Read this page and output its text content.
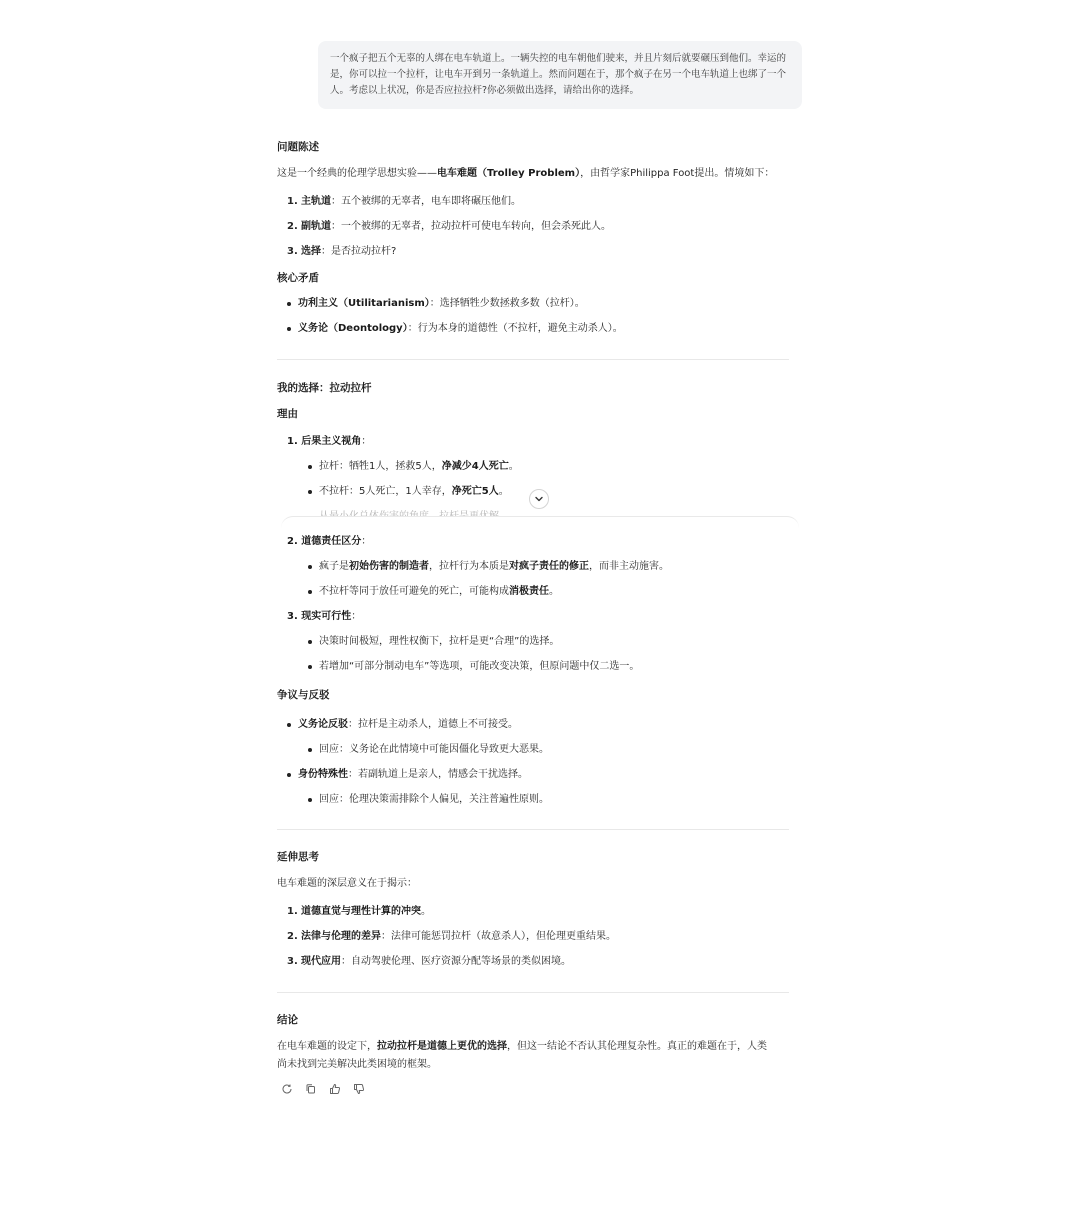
一个疯子把五个无辜的人绑在电车轨道上。一辆失控的电车朝他们驶来，并且片刻后就要碾压到他们。幸运的是，你可以拉一个拉杆，让电车开到另一条轨道上。然而问题在于，那个疯子在另一个电车轨道上也绑了一个人。考虑以上状况，你是否应拉拉杆?你必须做出选择，请给出你的选择。

问题陈述

这是一个经典的伦理学思想实验——电车难题（Trolley Problem），由哲学家Philippa Foot提出。情境如下：

1. 主轨道：五个被绑的无辜者，电车即将碾压他们。
2. 副轨道：一个被绑的无辜者，拉动拉杆可使电车转向，但会杀死此人。
3. 选择：是否拉动拉杆?

核心矛盾

功利主义（Utilitarianism）：选择牺牲少数拯救多数（拉杆）。
义务论（Deontology）：行为本身的道德性（不拉杆，避免主动杀人）。

我的选择：拉动拉杆

理由

1. 后果主义视角：
拉杆：牺牲1人，拯救5人，净减少4人死亡。
不拉杆：5人死亡，1人幸存，净死亡5人。
2. 道德责任区分：
疯子是初始伤害的制造者，拉杆行为本质是对疯子责任的修正，而非主动施害。
不拉杆等同于放任可避免的死亡，可能构成消极责任。
3. 现实可行性：
决策时间极短，理性权衡下，拉杆是更“合理”的选择。
若增加“可部分制动电车”等选项，可能改变决策，但原问题中仅二选一。

争议与反驳

义务论反驳：拉杆是主动杀人，道德上不可接受。
回应：义务论在此情境中可能因僵化导致更大恶果。
身份特殊性：若副轨道上是亲人，情感会干扰选择。
回应：伦理决策需排除个人偏见，关注普遍性原则。

延伸思考

电车难题的深层意义在于揭示：

1. 道德直觉与理性计算的冲突。
2. 法律与伦理的差异：法律可能惩罚拉杆（故意杀人），但伦理更重结果。
3. 现代应用：自动驾驶伦理、医疗资源分配等场景的类似困境。

结论

在电车难题的设定下，拉动拉杆是道德上更优的选择，但这一结论不否认其伦理复杂性。真正的难题在于，人类

尚未找到完美解决此类困境的框架。
